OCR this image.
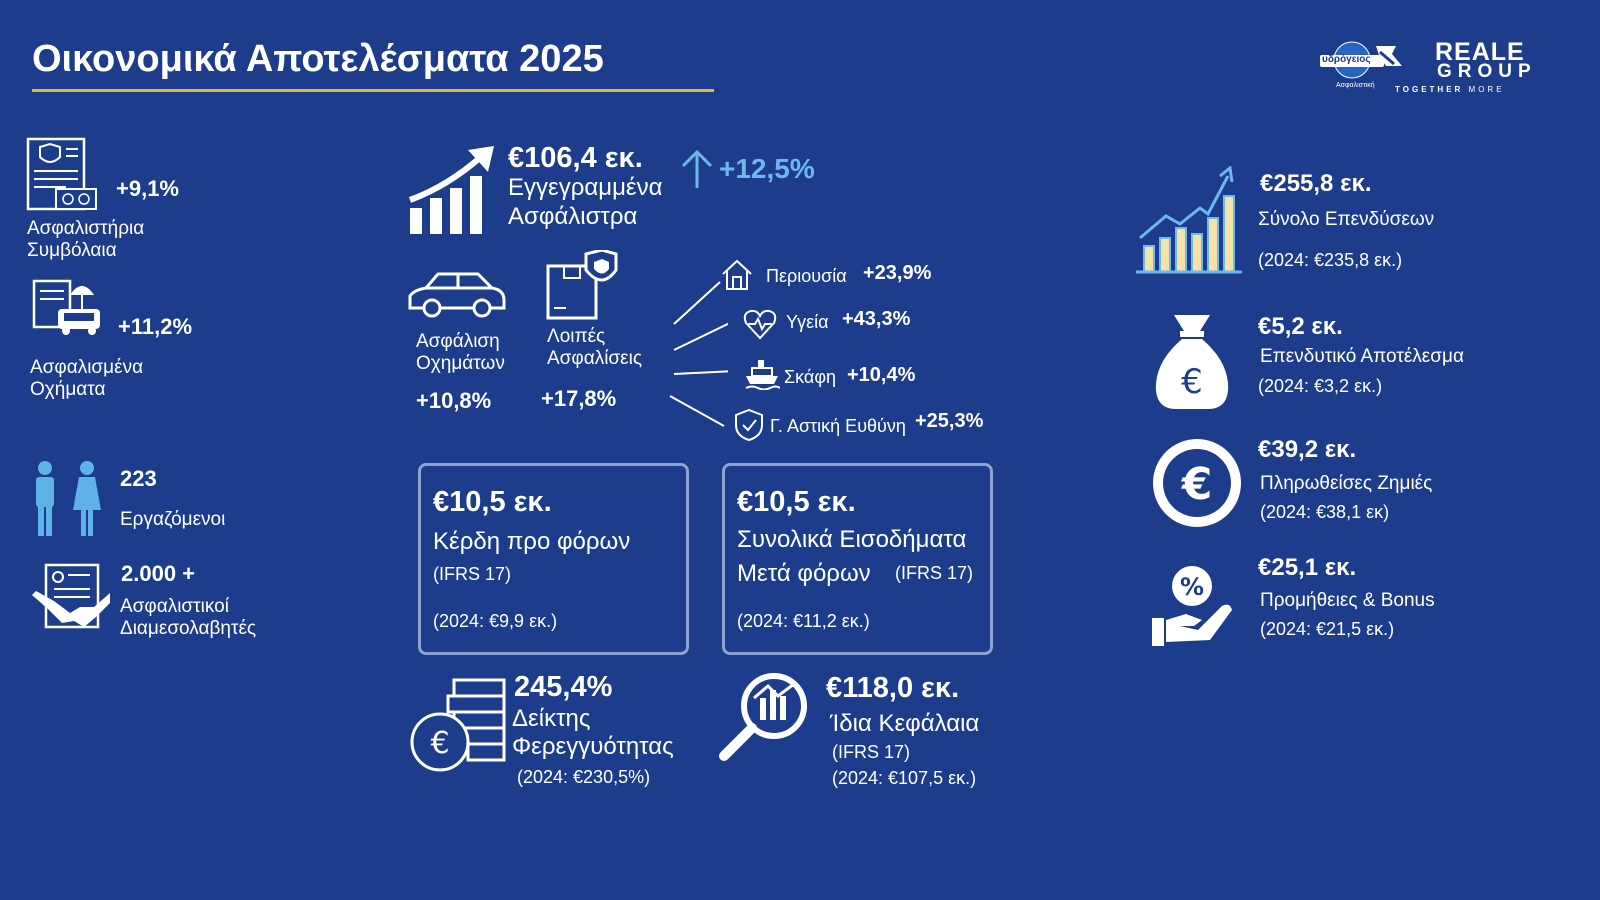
Οικονομικά Αποτελέσματα 2025	υδρόγειος
Ασφαλιστική
REALE
GROUP
TOGETHER MORE
+9,1%
Ασφαλιστήρια Συμβόλαια
+11,2%
Ασφαλισμένα Οχήματα
223
Εργαζόμενοι
2.000 +
Ασφαλιστικοί Διαμεσολαβητές
€106,4 εκ.
Εγγεγραμμένα
Ασφάλιστρα
+12,5%
Ασφάλιση Οχημάτων
+10,8%
Λοιπές Ασφαλίσεις
+17,8%
Περιουσία +23,9%
Υγεία +43,3%
Σκάφη +10,4%
Γ. Αστική Ευθύνη +25,3%
€10,5 εκ.
Κέρδη προ φόρων
(IFRS 17)
(2024: €9,9 εκ.)
€10,5 εκ.
Συνολικά Εισοδήματα
Μετά φόρων (IFRS 17)
(2024: €11,2 εκ.)
€
245,4%
Δείκτης
Φερεγγυότητας
(2024: €230,5%)
€118,0 εκ.
Ίδια Κεφάλαια
(IFRS 17)
(2024: €107,5 εκ.)
€255,8 εκ.
Σύνολο Επενδύσεων
(2024: €235,8 εκ.)
€
€5,2 εκ.
Επενδυτικό Αποτέλεσμα
(2024: €3,2 εκ.)
€
€39,2 εκ.
Πληρωθείσες Ζημιές
(2024: €38,1 εκ)
%
€25,1 εκ.
Προμήθειες & Bonus
(2024: €21,5 εκ.)
